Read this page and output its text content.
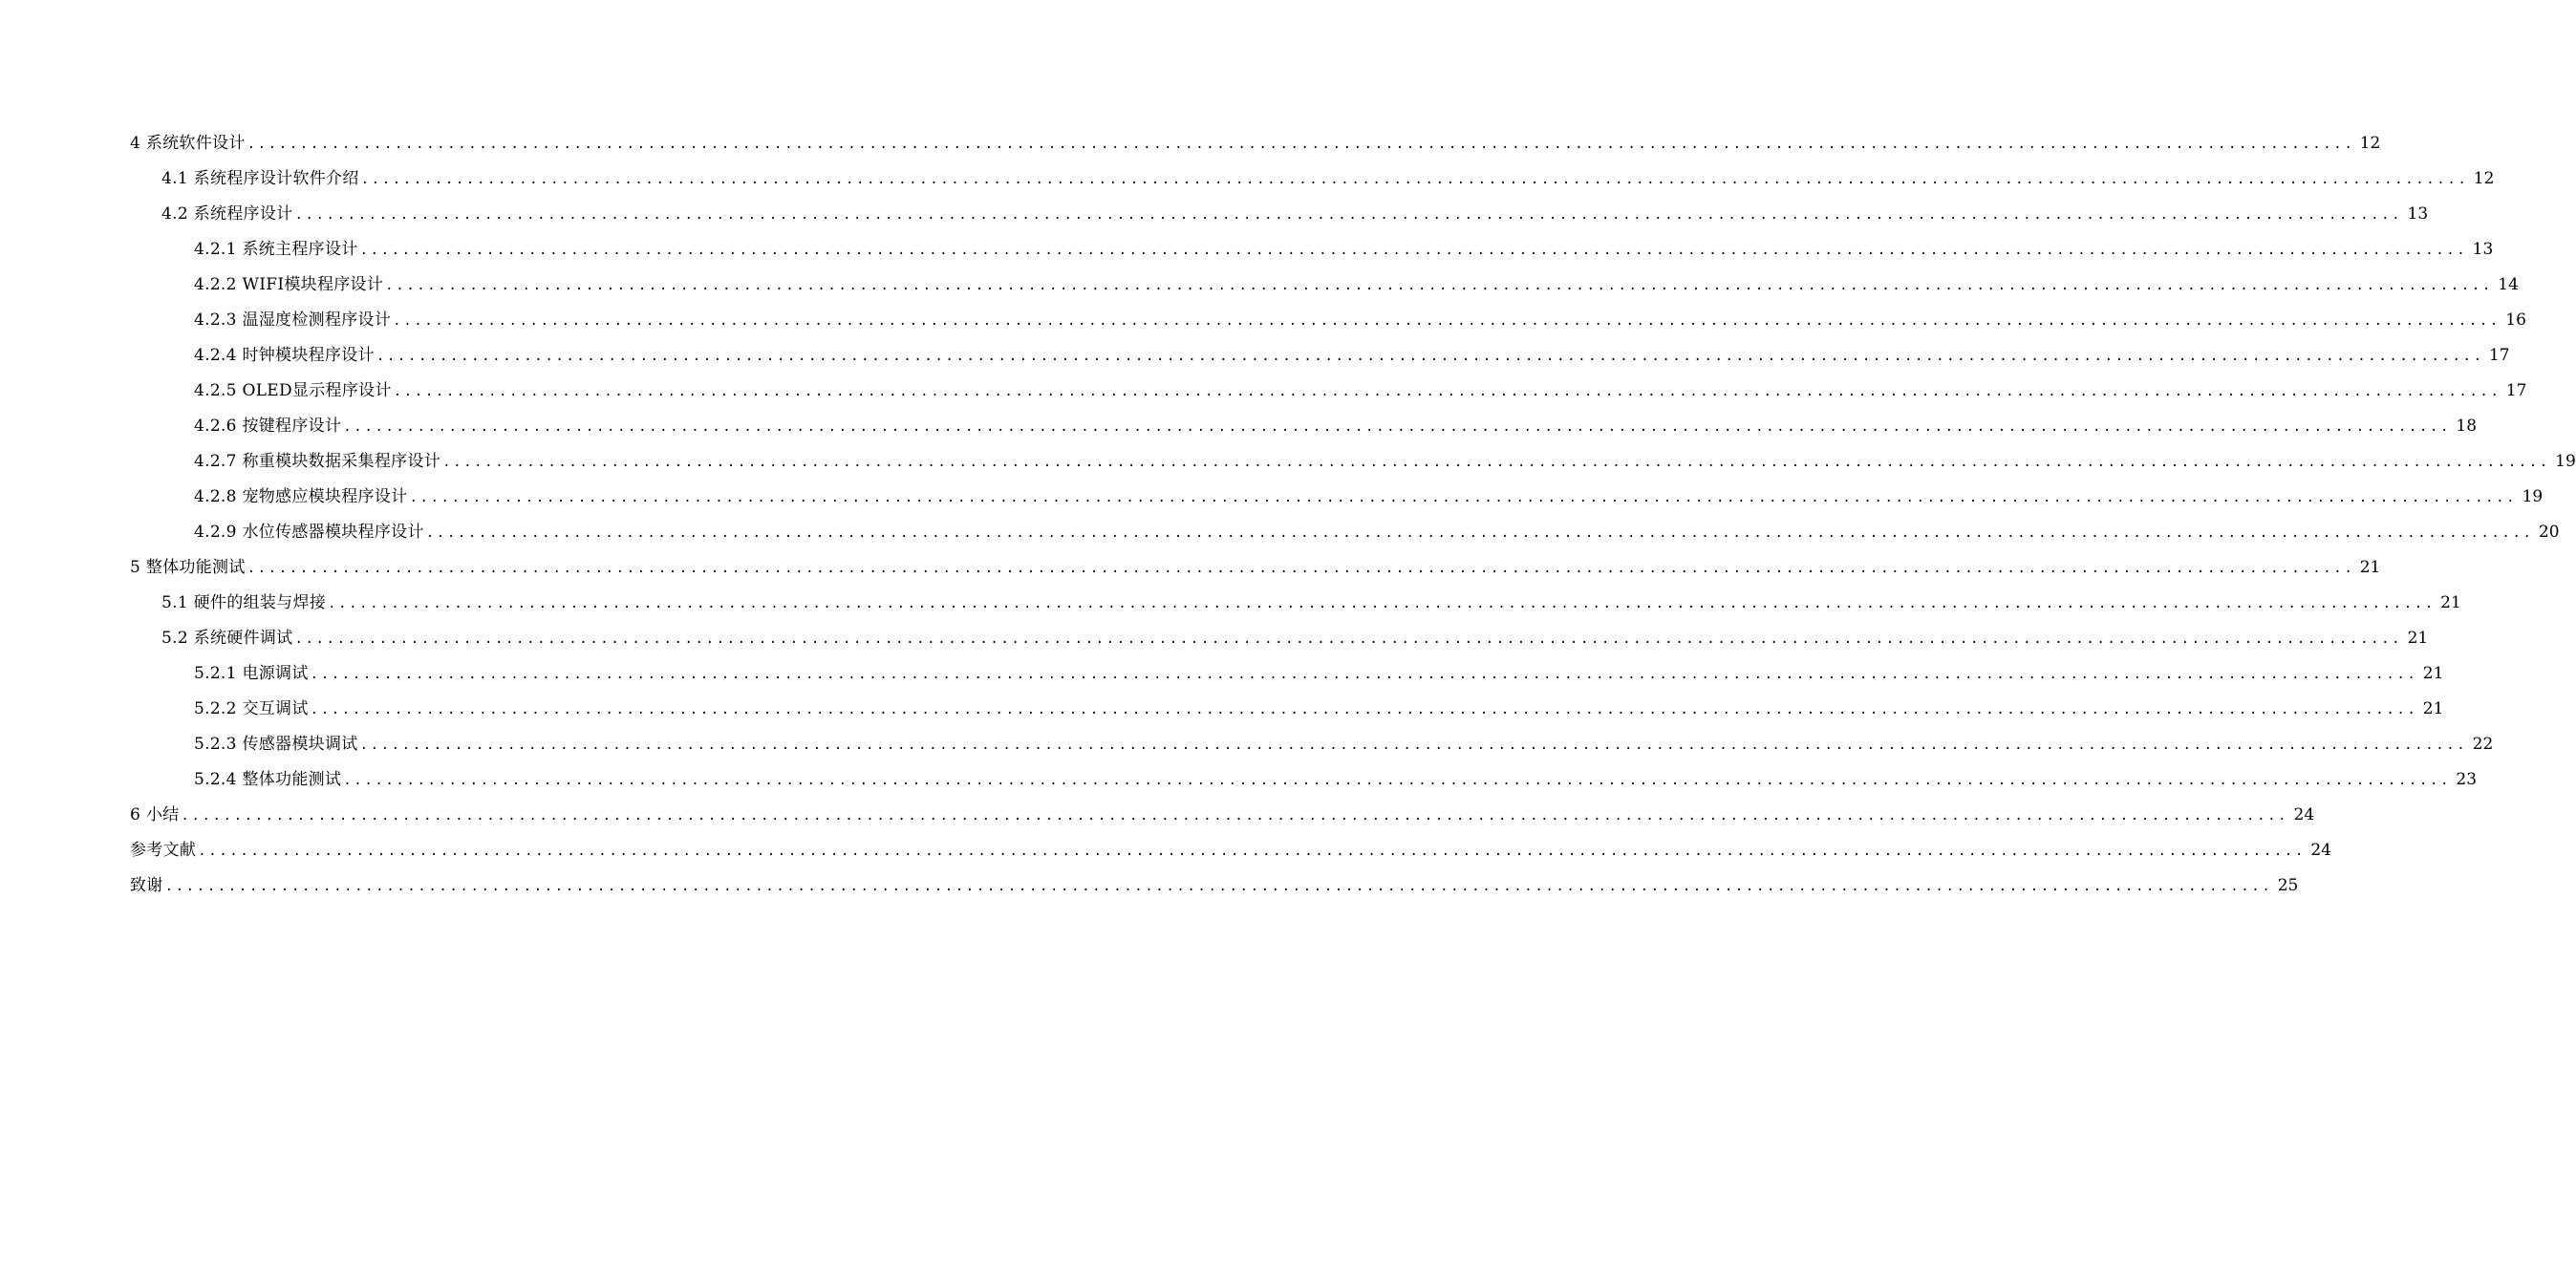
4 系统软件设计 ........................................................................................................................................................................................................ 12
4.1 系统程序设计软件介绍 ........................................................................................................................................................................................................ 12
4.2 系统程序设计 ........................................................................................................................................................................................................ 13
4.2.1 系统主程序设计 ........................................................................................................................................................................................................ 13
4.2.2 WIFI模块程序设计 ........................................................................................................................................................................................................ 14
4.2.3 温湿度检测程序设计 ........................................................................................................................................................................................................ 16
4.2.4 时钟模块程序设计 ........................................................................................................................................................................................................ 17
4.2.5 OLED显示程序设计 ........................................................................................................................................................................................................ 17
4.2.6 按键程序设计 ........................................................................................................................................................................................................ 18
4.2.7 称重模块数据采集程序设计 ........................................................................................................................................................................................................ 19
4.2.8 宠物感应模块程序设计 ........................................................................................................................................................................................................ 19
4.2.9 水位传感器模块程序设计 ........................................................................................................................................................................................................ 20
5 整体功能测试 ........................................................................................................................................................................................................ 21
5.1 硬件的组装与焊接 ........................................................................................................................................................................................................ 21
5.2 系统硬件调试 ........................................................................................................................................................................................................ 21
5.2.1 电源调试 ........................................................................................................................................................................................................ 21
5.2.2 交互调试 ........................................................................................................................................................................................................ 21
5.2.3 传感器模块调试 ........................................................................................................................................................................................................ 22
5.2.4 整体功能测试 ........................................................................................................................................................................................................ 23
6 小结 ........................................................................................................................................................................................................ 24
参考文献 ........................................................................................................................................................................................................ 24
致谢 ........................................................................................................................................................................................................ 25
